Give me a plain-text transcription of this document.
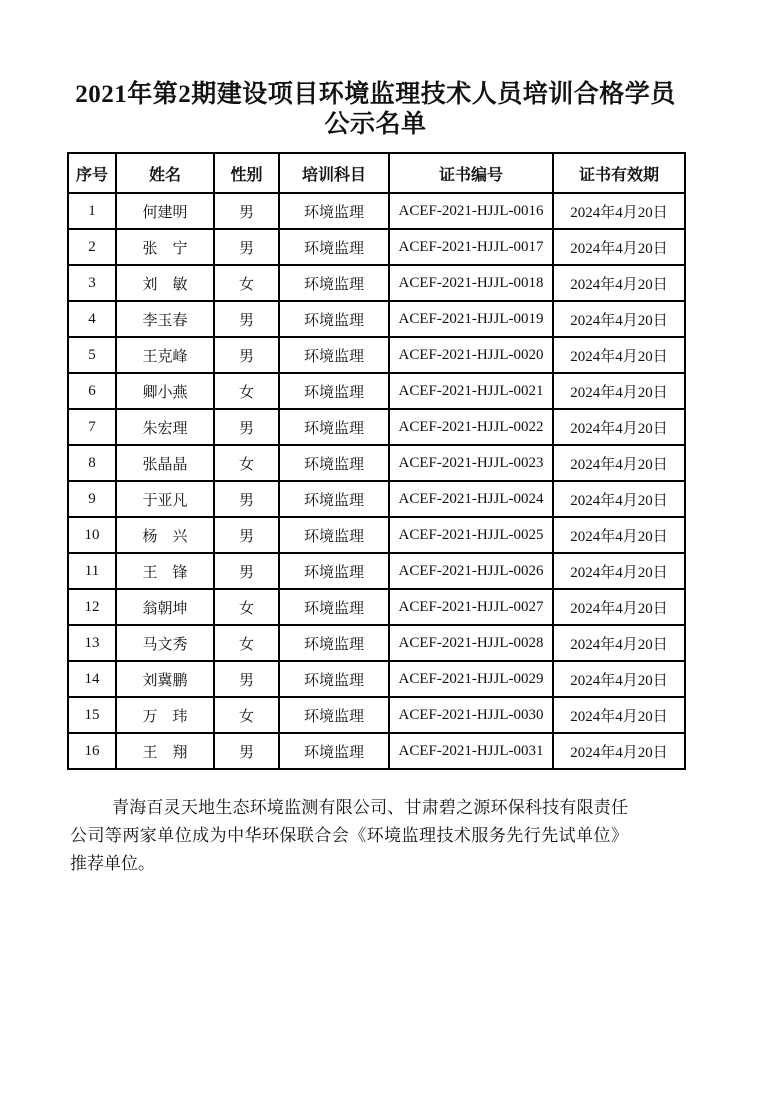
2021年第2期建设项目环境监理技术人员培训合格学员
公示名单
序号	姓名	性别	培训科目	证书编号	证书有效期
1	何建明	男	环境监理	ACEF-2021-HJJL-0016	2024年4月20日
2	张　宁	男	环境监理	ACEF-2021-HJJL-0017	2024年4月20日
3	刘　敏	女	环境监理	ACEF-2021-HJJL-0018	2024年4月20日
4	李玉春	男	环境监理	ACEF-2021-HJJL-0019	2024年4月20日
5	王克峰	男	环境监理	ACEF-2021-HJJL-0020	2024年4月20日
6	卿小燕	女	环境监理	ACEF-2021-HJJL-0021	2024年4月20日
7	朱宏理	男	环境监理	ACEF-2021-HJJL-0022	2024年4月20日
8	张晶晶	女	环境监理	ACEF-2021-HJJL-0023	2024年4月20日
9	于亚凡	男	环境监理	ACEF-2021-HJJL-0024	2024年4月20日
10	杨　兴	男	环境监理	ACEF-2021-HJJL-0025	2024年4月20日
11	王　锋	男	环境监理	ACEF-2021-HJJL-0026	2024年4月20日
12	翁朝坤	女	环境监理	ACEF-2021-HJJL-0027	2024年4月20日
13	马文秀	女	环境监理	ACEF-2021-HJJL-0028	2024年4月20日
14	刘冀鹏	男	环境监理	ACEF-2021-HJJL-0029	2024年4月20日
15	万　玮	女	环境监理	ACEF-2021-HJJL-0030	2024年4月20日
16	王　翔	男	环境监理	ACEF-2021-HJJL-0031	2024年4月20日

青海百灵天地生态环境监测有限公司、甘肃碧之源环保科技有限责任公司等两家单位成为中华环保联合会《环境监理技术服务先行先试单位》推荐单位。
